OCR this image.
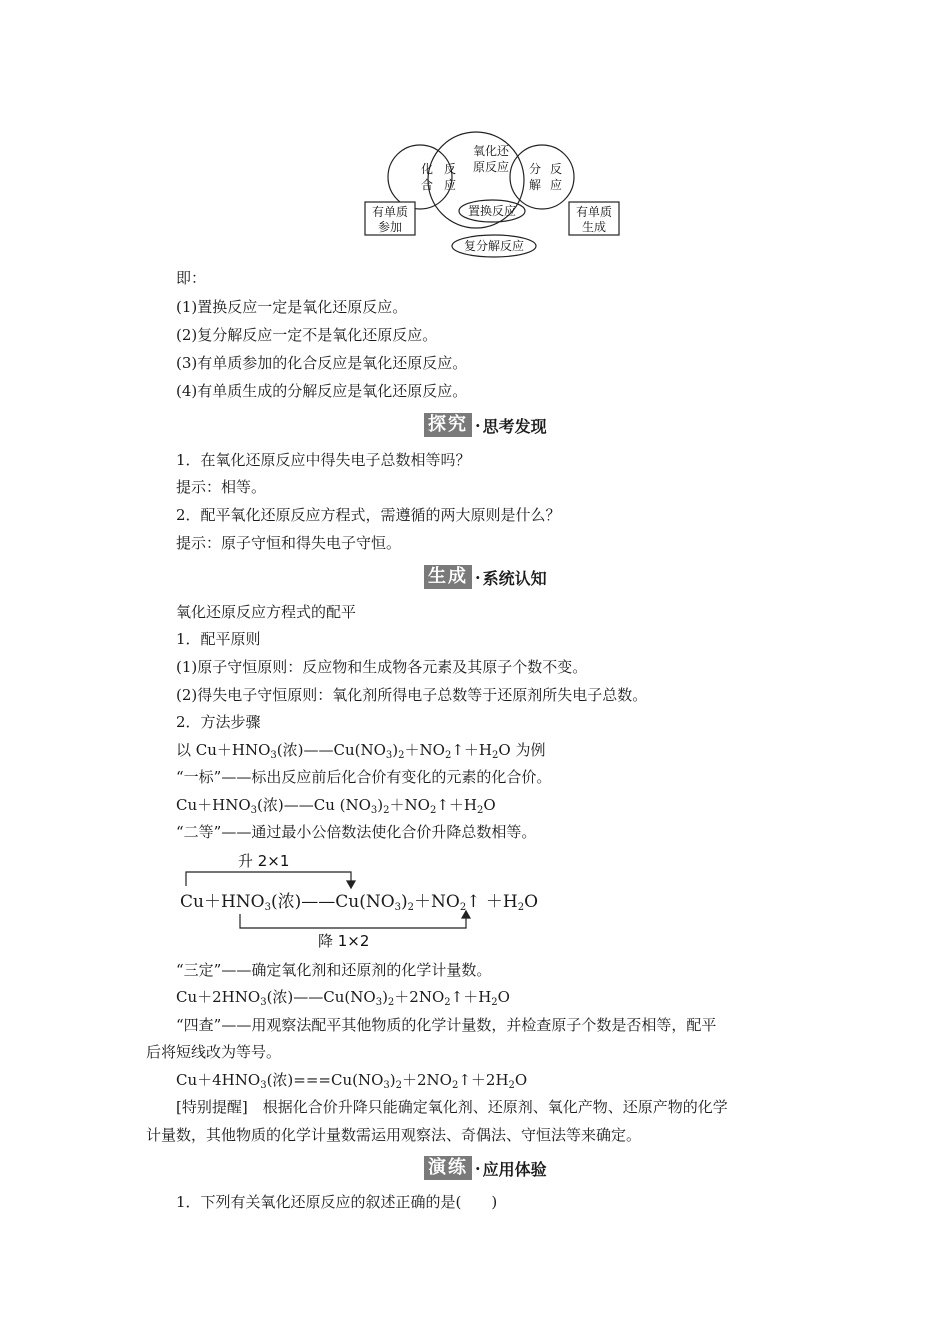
氧化还
原反应
化
合
反
应
分
解
反
应
置换反应
复分解反应
有单质
参加
有单质
生成
即：
(1)置换反应一定是氧化还原反应。
(2)复分解反应一定不是氧化还原反应。
(3)有单质参加的化合反应是氧化还原反应。
(4)有单质生成的分解反应是氧化还原反应。
探究 · 思考发现
1．在氧化还原反应中得失电子总数相等吗？
提示：相等。
2．配平氧化还原反应方程式，需遵循的两大原则是什么？
提示：原子守恒和得失电子守恒。
生成 · 系统认知
氧化还原反应方程式的配平
1．配平原则
(1)原子守恒原则：反应物和生成物各元素及其原子个数不变。
(2)得失电子守恒原则：氧化剂所得电子总数等于还原剂所失电子总数。
2．方法步骤
以 $Cu+HNO_3$(浓)$——Cu(NO_3)_2+NO_2↑+H_2O$ 为例
“一标”——标出反应前后化合价有变化的元素的化合价。
$Cu+HNO_3$(浓)——Cu $(NO_3)_2+NO_2↑+H_2O$
“二等”——通过最小公倍数法使化合价升降总数相等。
升 2×1
降 1×2
$Cu+HNO_3$(浓)$——Cu(NO_3)_2+NO_2↑ +H_2O$
“三定”——确定氧化剂和还原剂的化学计量数。
$Cu+2HNO_3$(浓)$——Cu(NO_3)_2+2NO_2↑+H_2O$
“四查”——用观察法配平其他物质的化学计量数，并检查原子个数是否相等，配平
后将短线改为等号。
$Cu+4HNO_3$(浓)$===Cu(NO_3)_2+2NO_2↑+2H_2O$
[特别提醒]　根据化合价升降只能确定氧化剂、还原剂、氧化产物、还原产物的化学
计量数，其他物质的化学计量数需运用观察法、奇偶法、守恒法等来确定。
演练 · 应用体验
1．下列有关氧化还原反应的叙述正确的是(　　)
